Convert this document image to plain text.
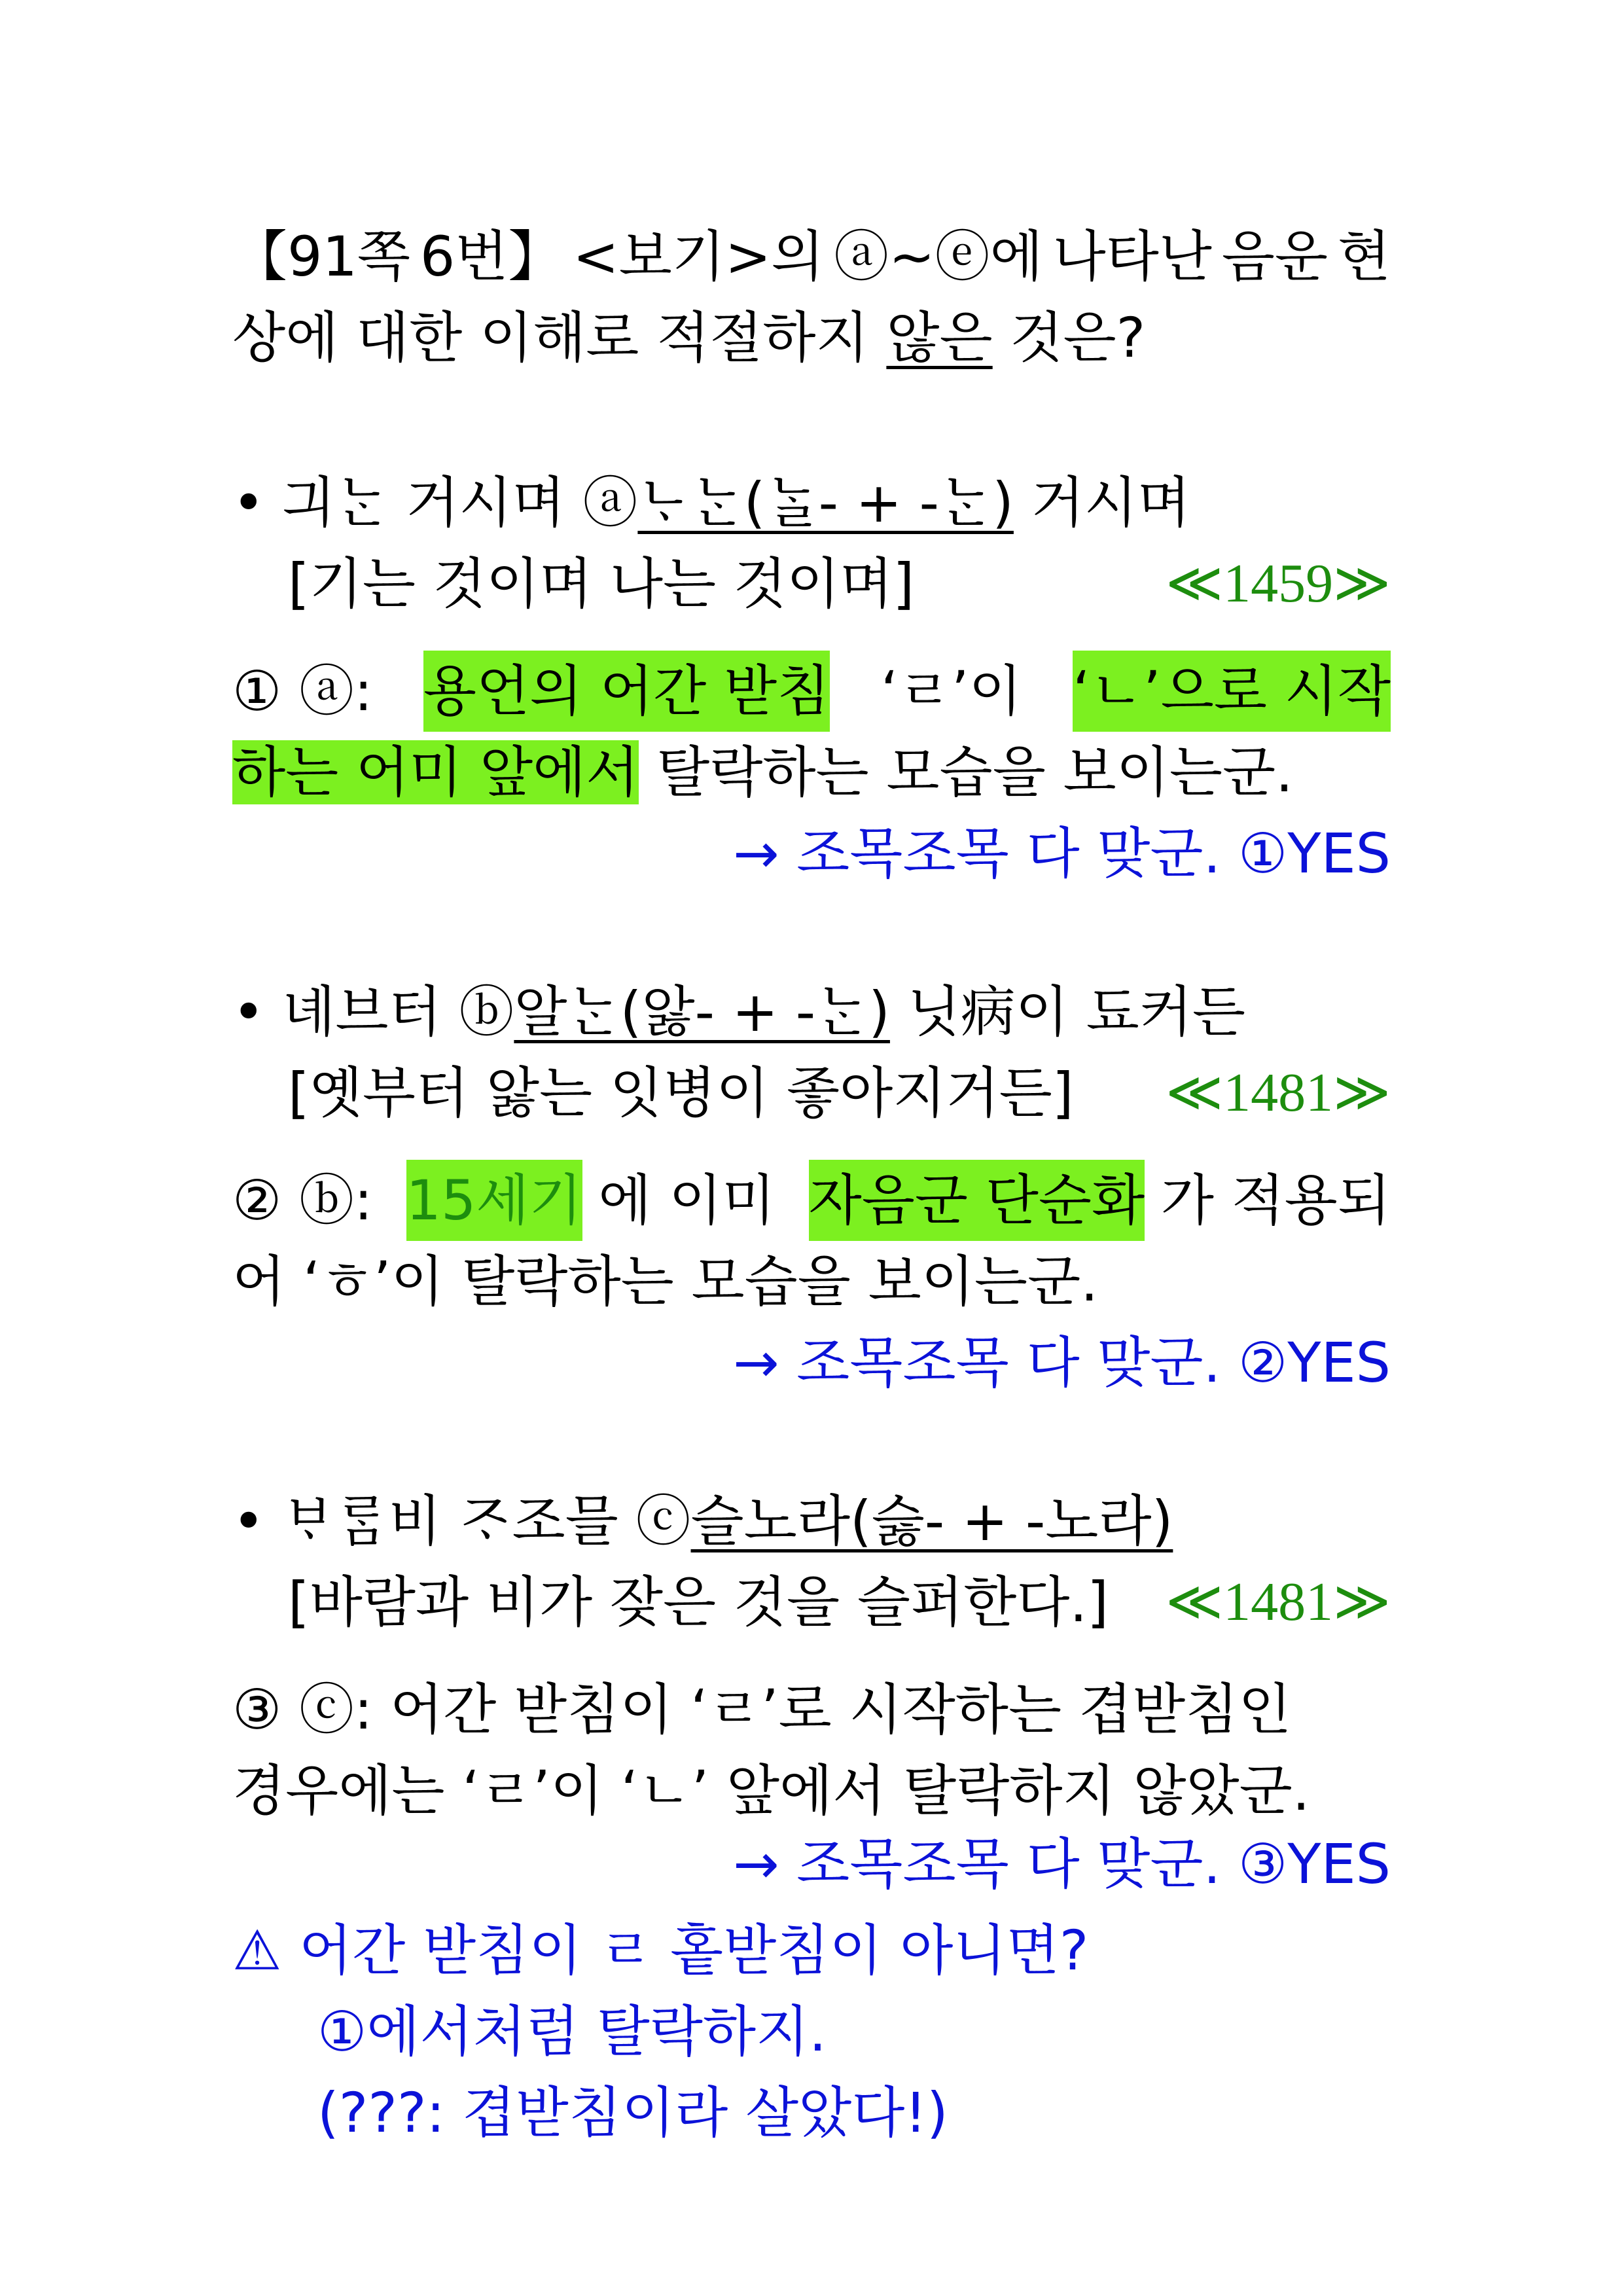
【91쪽 6번】 <보기>의 ⓐ~ⓔ에 나타난 음운 현
상에 대한 이해로 적절하지 않은 것은?
• 긔ᄂᆞᆫ 거시며 ⓐᄂᆞᄂᆞᆫ(ᄂᆞᆯ- + -ᄂᆞᆫ) 거시며
[기는 것이며 나는 것이며]	≪1459≫
① ⓐ: 용언의 어간 받침 ‘ㄹ’이 ‘ㄴ’으로 시작
하는 어미 앞에서 탈락하는 모습을 보이는군.
→ 조목조목 다 맞군. ①YES
• 녜브터 ⓑ알ᄂᆞᆫ(앓- + -ᄂᆞᆫ) 닛病이 됴커든
[옛부터 앓는 잇병이 좋아지거든] ≪1481≫
② ⓑ: 15세기 에 이미 자음군 단순화 가 적용되
어 ‘ㅎ’이 탈락하는 모습을 보이는군.
→ 조목조목 다 맞군. ②YES
• ᄇᆞᄅᆞᆷ비 ᄌᆞ조믈 ⓒ슬노라(슳- + -노라)
[바람과 비가 잦은 것을 슬퍼한다.] ≪1481≫
③ ⓒ: 어간 받침이 ‘ㄹ’로 시작하는 겹받침인
경우에는 ‘ㄹ’이 ‘ㄴ’ 앞에서 탈락하지 않았군.
→ 조목조목 다 맞군. ③YES
⚠ 어간 받침이 ㄹ 홑받침이 아니면?
①에서처럼 탈락하지.
(???: 겹받침이라 살았다!)
